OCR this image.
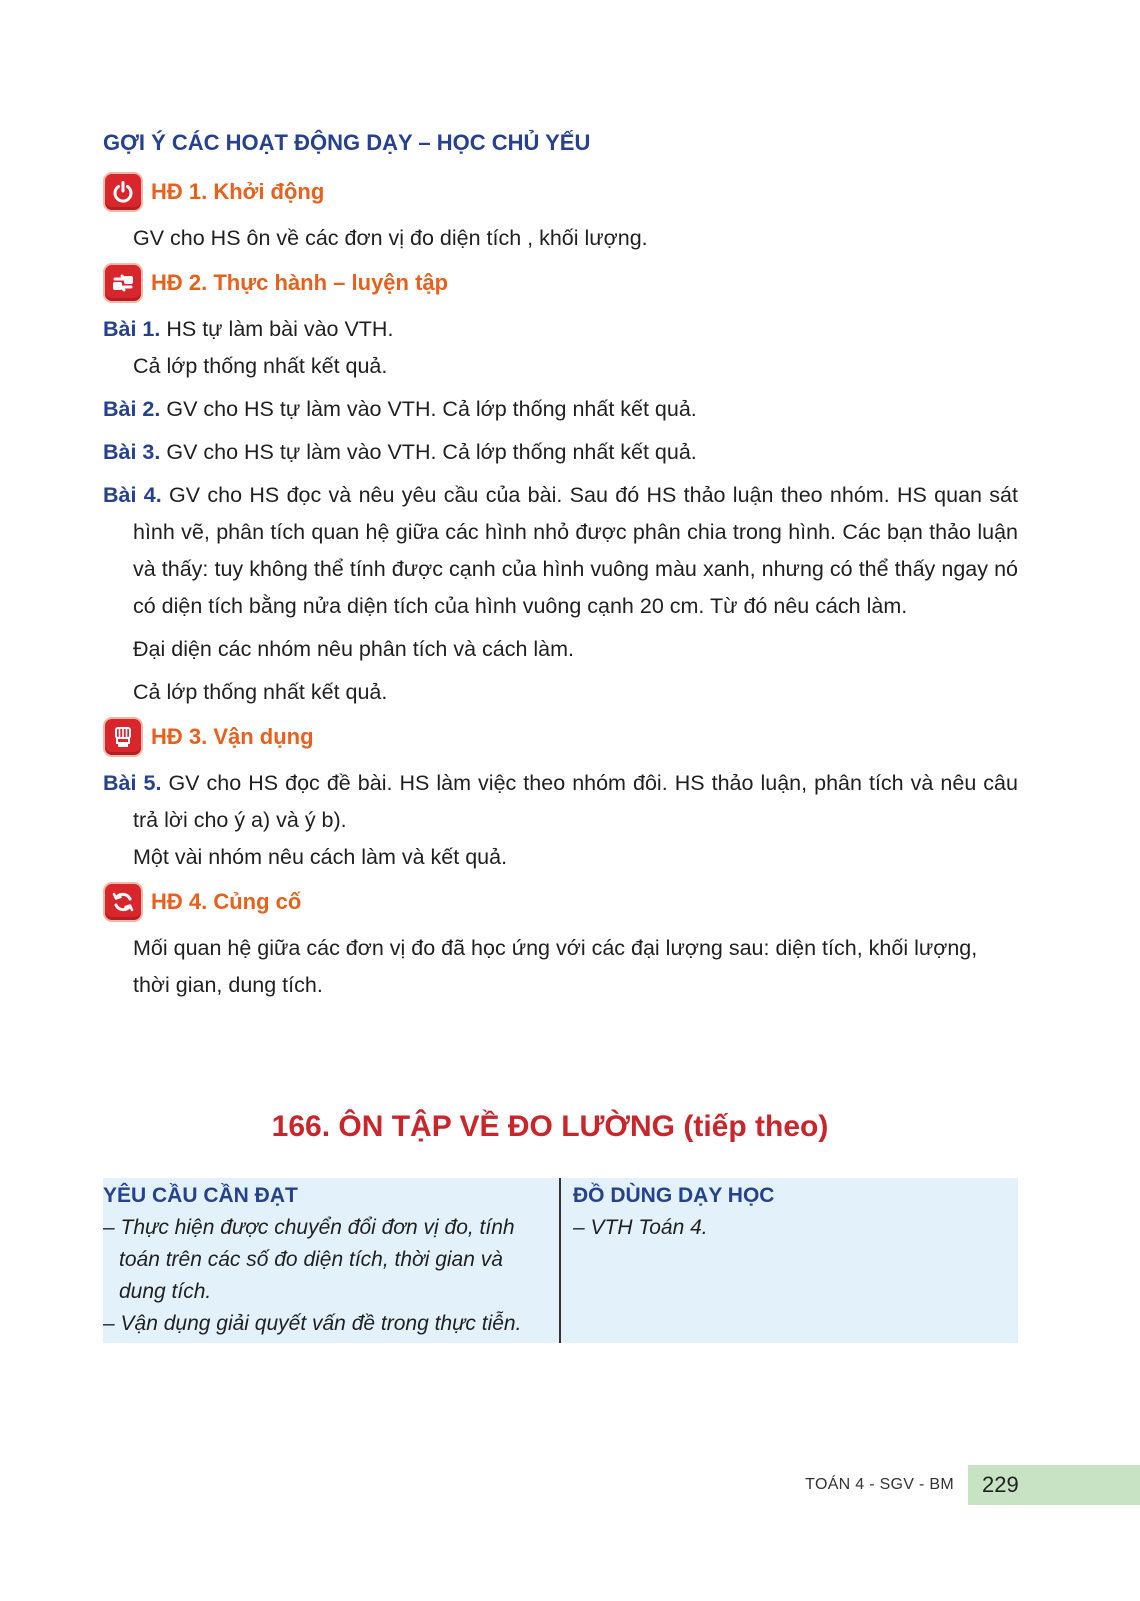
GỢI Ý CÁC HOẠT ĐỘNG DẠY – HỌC CHỦ YẾU
HĐ 1. Khởi động

GV cho HS ôn về các đơn vị đo diện tích , khối lượng.

HĐ 2. Thực hành – luyện tập

Bài 1. HS tự làm bài vào VTH.

Cả lớp thống nhất kết quả.

Bài 2. GV cho HS tự làm vào VTH. Cả lớp thống nhất kết quả.

Bài 3. GV cho HS tự làm vào VTH. Cả lớp thống nhất kết quả.

Bài 4. GV cho HS đọc và nêu yêu cầu của bài. Sau đó HS thảo luận theo nhóm. HS quan sát hình vẽ, phân tích quan hệ giữa các hình nhỏ được phân chia trong hình. Các bạn thảo luận và thấy: tuy không thể tính được cạnh của hình vuông màu xanh, nhưng có thể thấy ngay nó có diện tích bằng nửa diện tích của hình vuông cạnh 20 cm. Từ đó nêu cách làm.

Đại diện các nhóm nêu phân tích và cách làm.

Cả lớp thống nhất kết quả.

HĐ 3. Vận dụng

Bài 5. GV cho HS đọc đề bài. HS làm việc theo nhóm đôi. HS thảo luận, phân tích và nêu câu trả lời cho ý a) và ý b).

Một vài nhóm nêu cách làm và kết quả.

HĐ 4. Củng cố

Mối quan hệ giữa các đơn vị đo đã học ứng với các đại lượng sau: diện tích, khối lượng, thời gian, dung tích.

166. ÔN TẬP VỀ ĐO LƯỜNG (tiếp theo)
YÊU CẦU CẦN ĐẠT

– Thực hiện được chuyển đổi đơn vị đo, tính toán trên các số đo diện tích, thời gian và dung tích.

– Vận dụng giải quyết vấn đề trong thực tiễn.

ĐỒ DÙNG DẠY HỌC

– VTH Toán 4.

TOÁN 4 - SGV - BM	229
